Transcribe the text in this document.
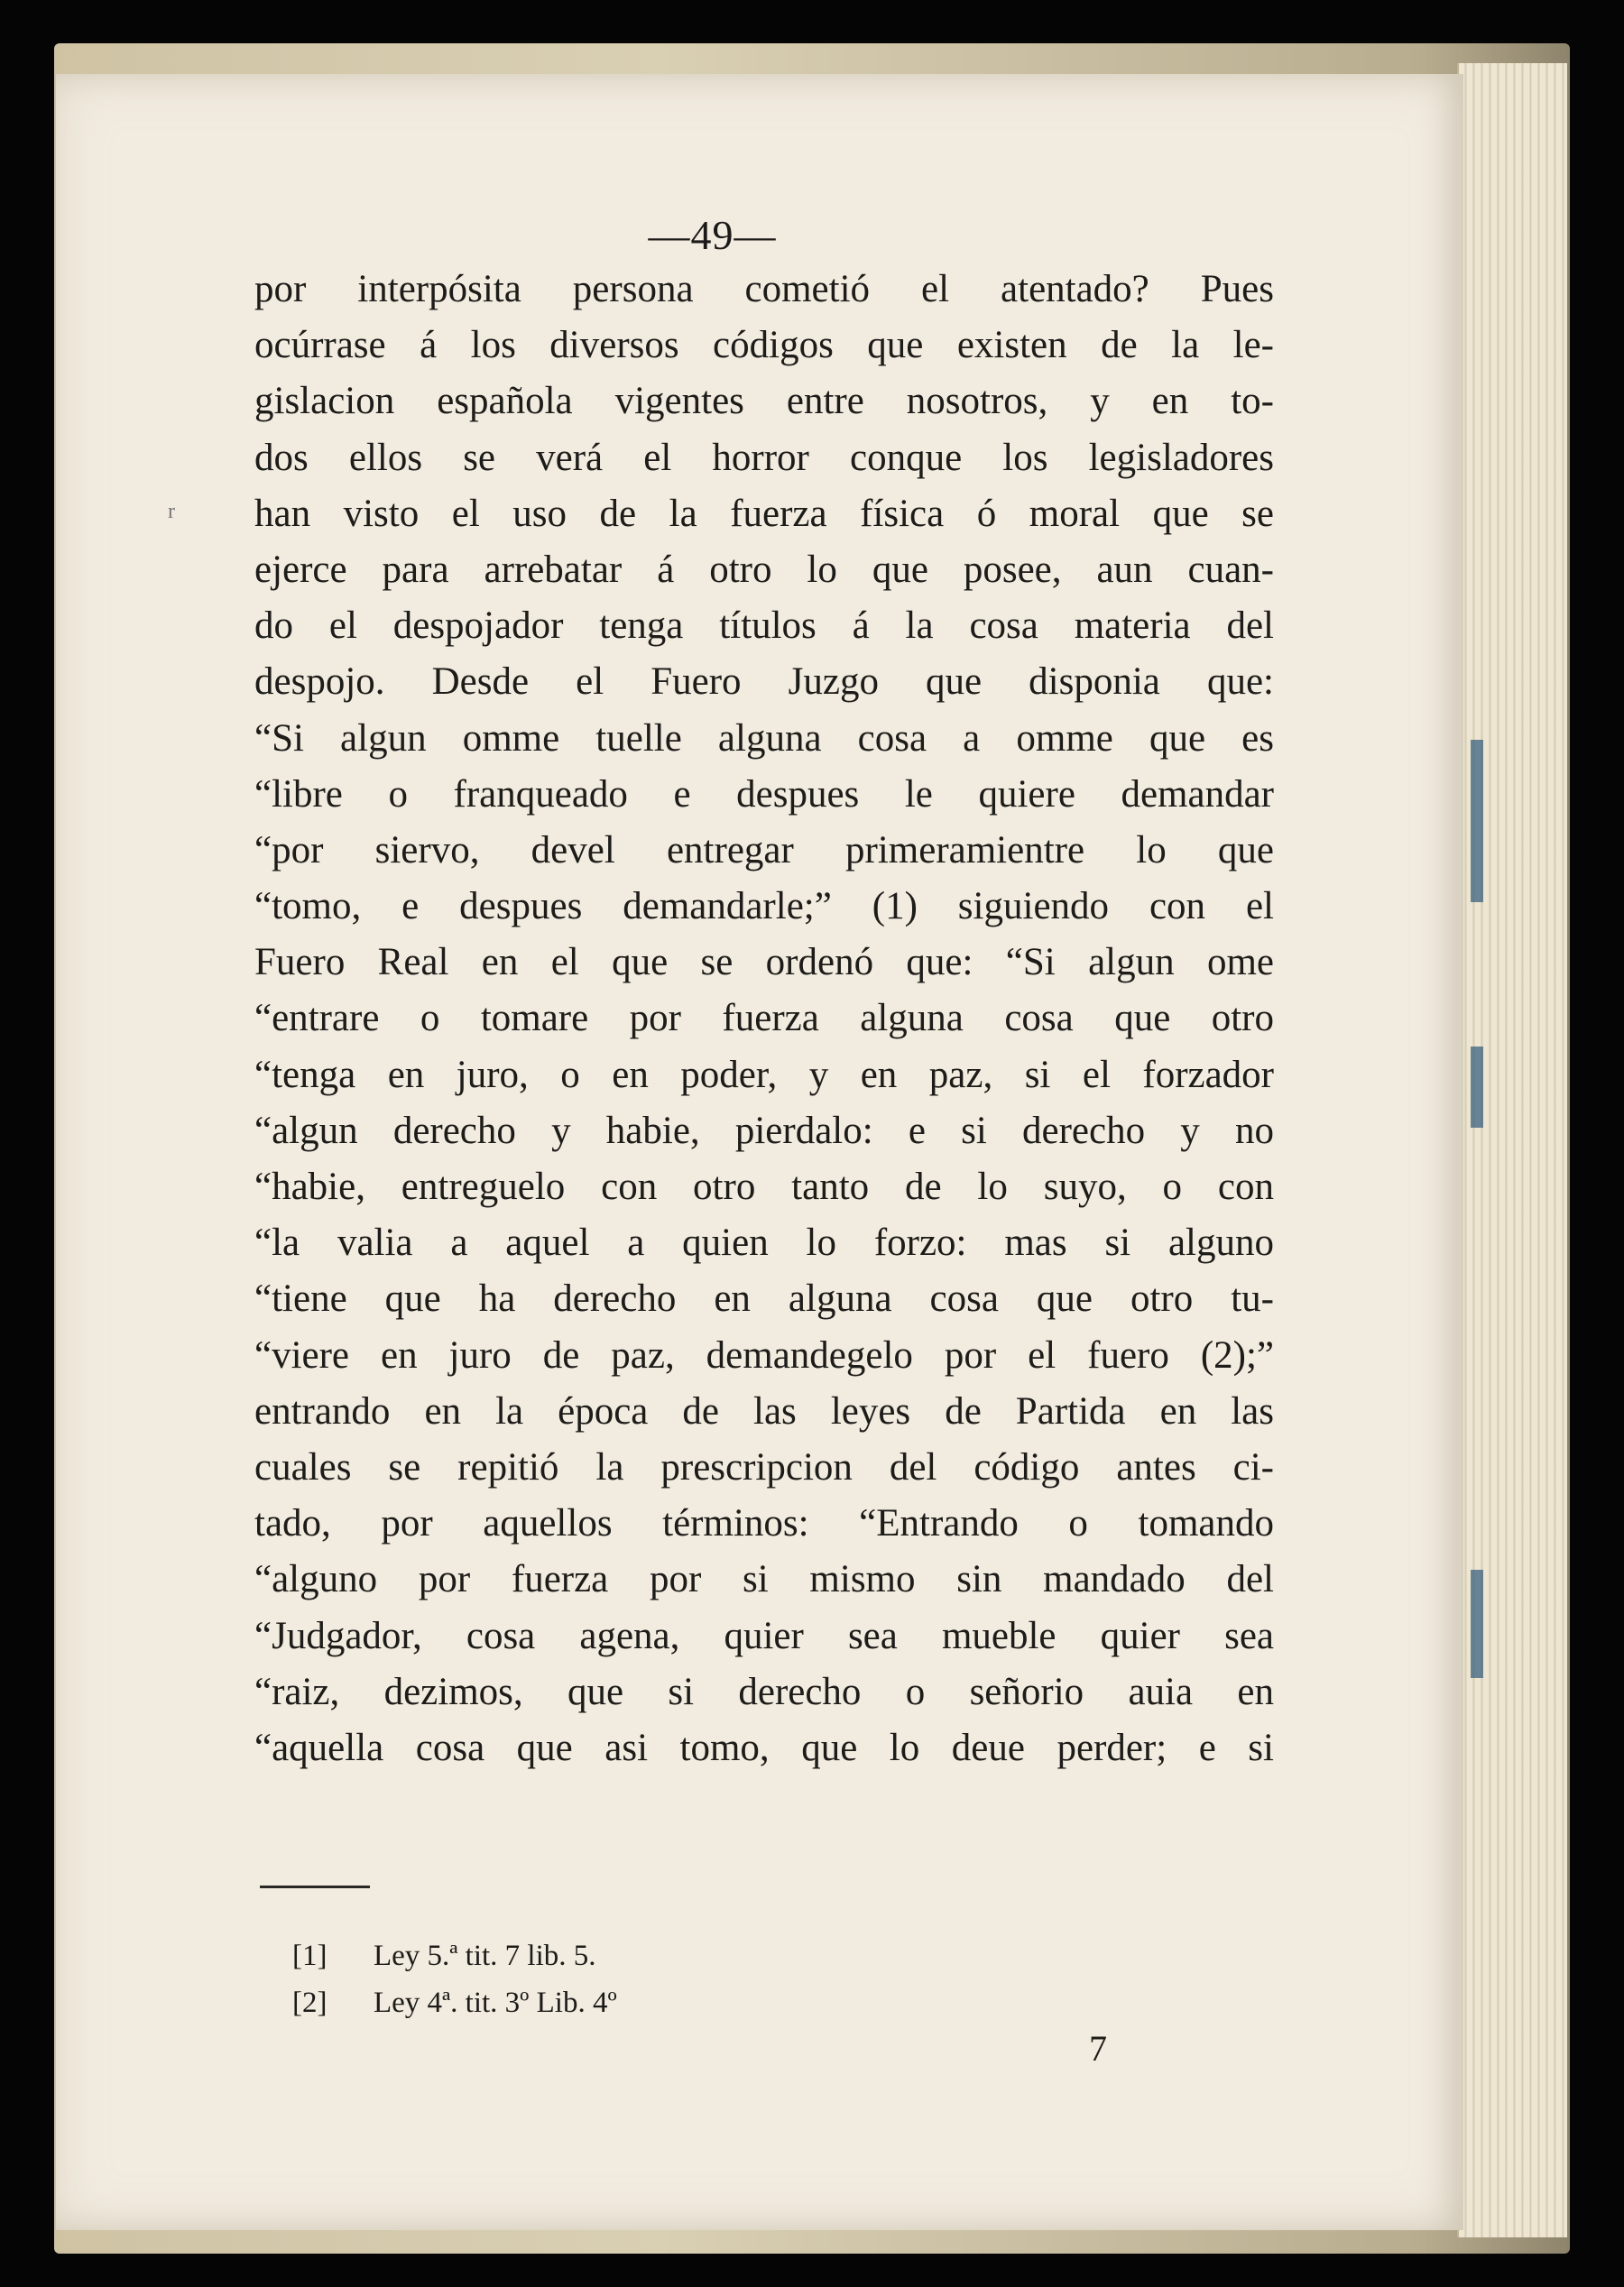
—49—
r
por interpósita persona cometió el atentado? Pues
ocúrrase á los diversos códigos que existen de la le-
gislacion española vigentes entre nosotros, y en to-
dos ellos se verá el horror conque los legisladores
han visto el uso de la fuerza física ó moral que se
ejerce para arrebatar á otro lo que posee, aun cuan-
do el despojador tenga títulos á la cosa materia del
despojo. Desde el Fuero Juzgo que disponia que:
“Si algun omme tuelle alguna cosa a omme que es
“libre o franqueado e despues le quiere demandar
“por siervo, devel entregar primeramientre lo que
“tomo, e despues demandarle;” (1) siguiendo con el
Fuero Real en el que se ordenó que: “Si algun ome
“entrare o tomare por fuerza alguna cosa que otro
“tenga en juro, o en poder, y en paz, si el forzador
“algun derecho y habie, pierdalo: e si derecho y no
“habie, entreguelo con otro tanto de lo suyo, o con
“la valia a aquel a quien lo forzo: mas si alguno
“tiene que ha derecho en alguna cosa que otro tu-
“viere en juro de paz, demandegelo por el fuero (2);”
entrando en la época de las leyes de Partida en las
cuales se repitió la prescripcion del código antes ci-
tado, por aquellos términos: “Entrando o tomando
“alguno por fuerza por si mismo sin mandado del
“Judgador, cosa agena, quier sea mueble quier sea
“raiz, dezimos, que si derecho o señorio auia en
“aquella cosa que asi tomo, que lo deue perder; e si
[1] Ley 5.ª tit. 7 lib. 5.
[2] Ley 4ª. tit. 3º Lib. 4º
7
